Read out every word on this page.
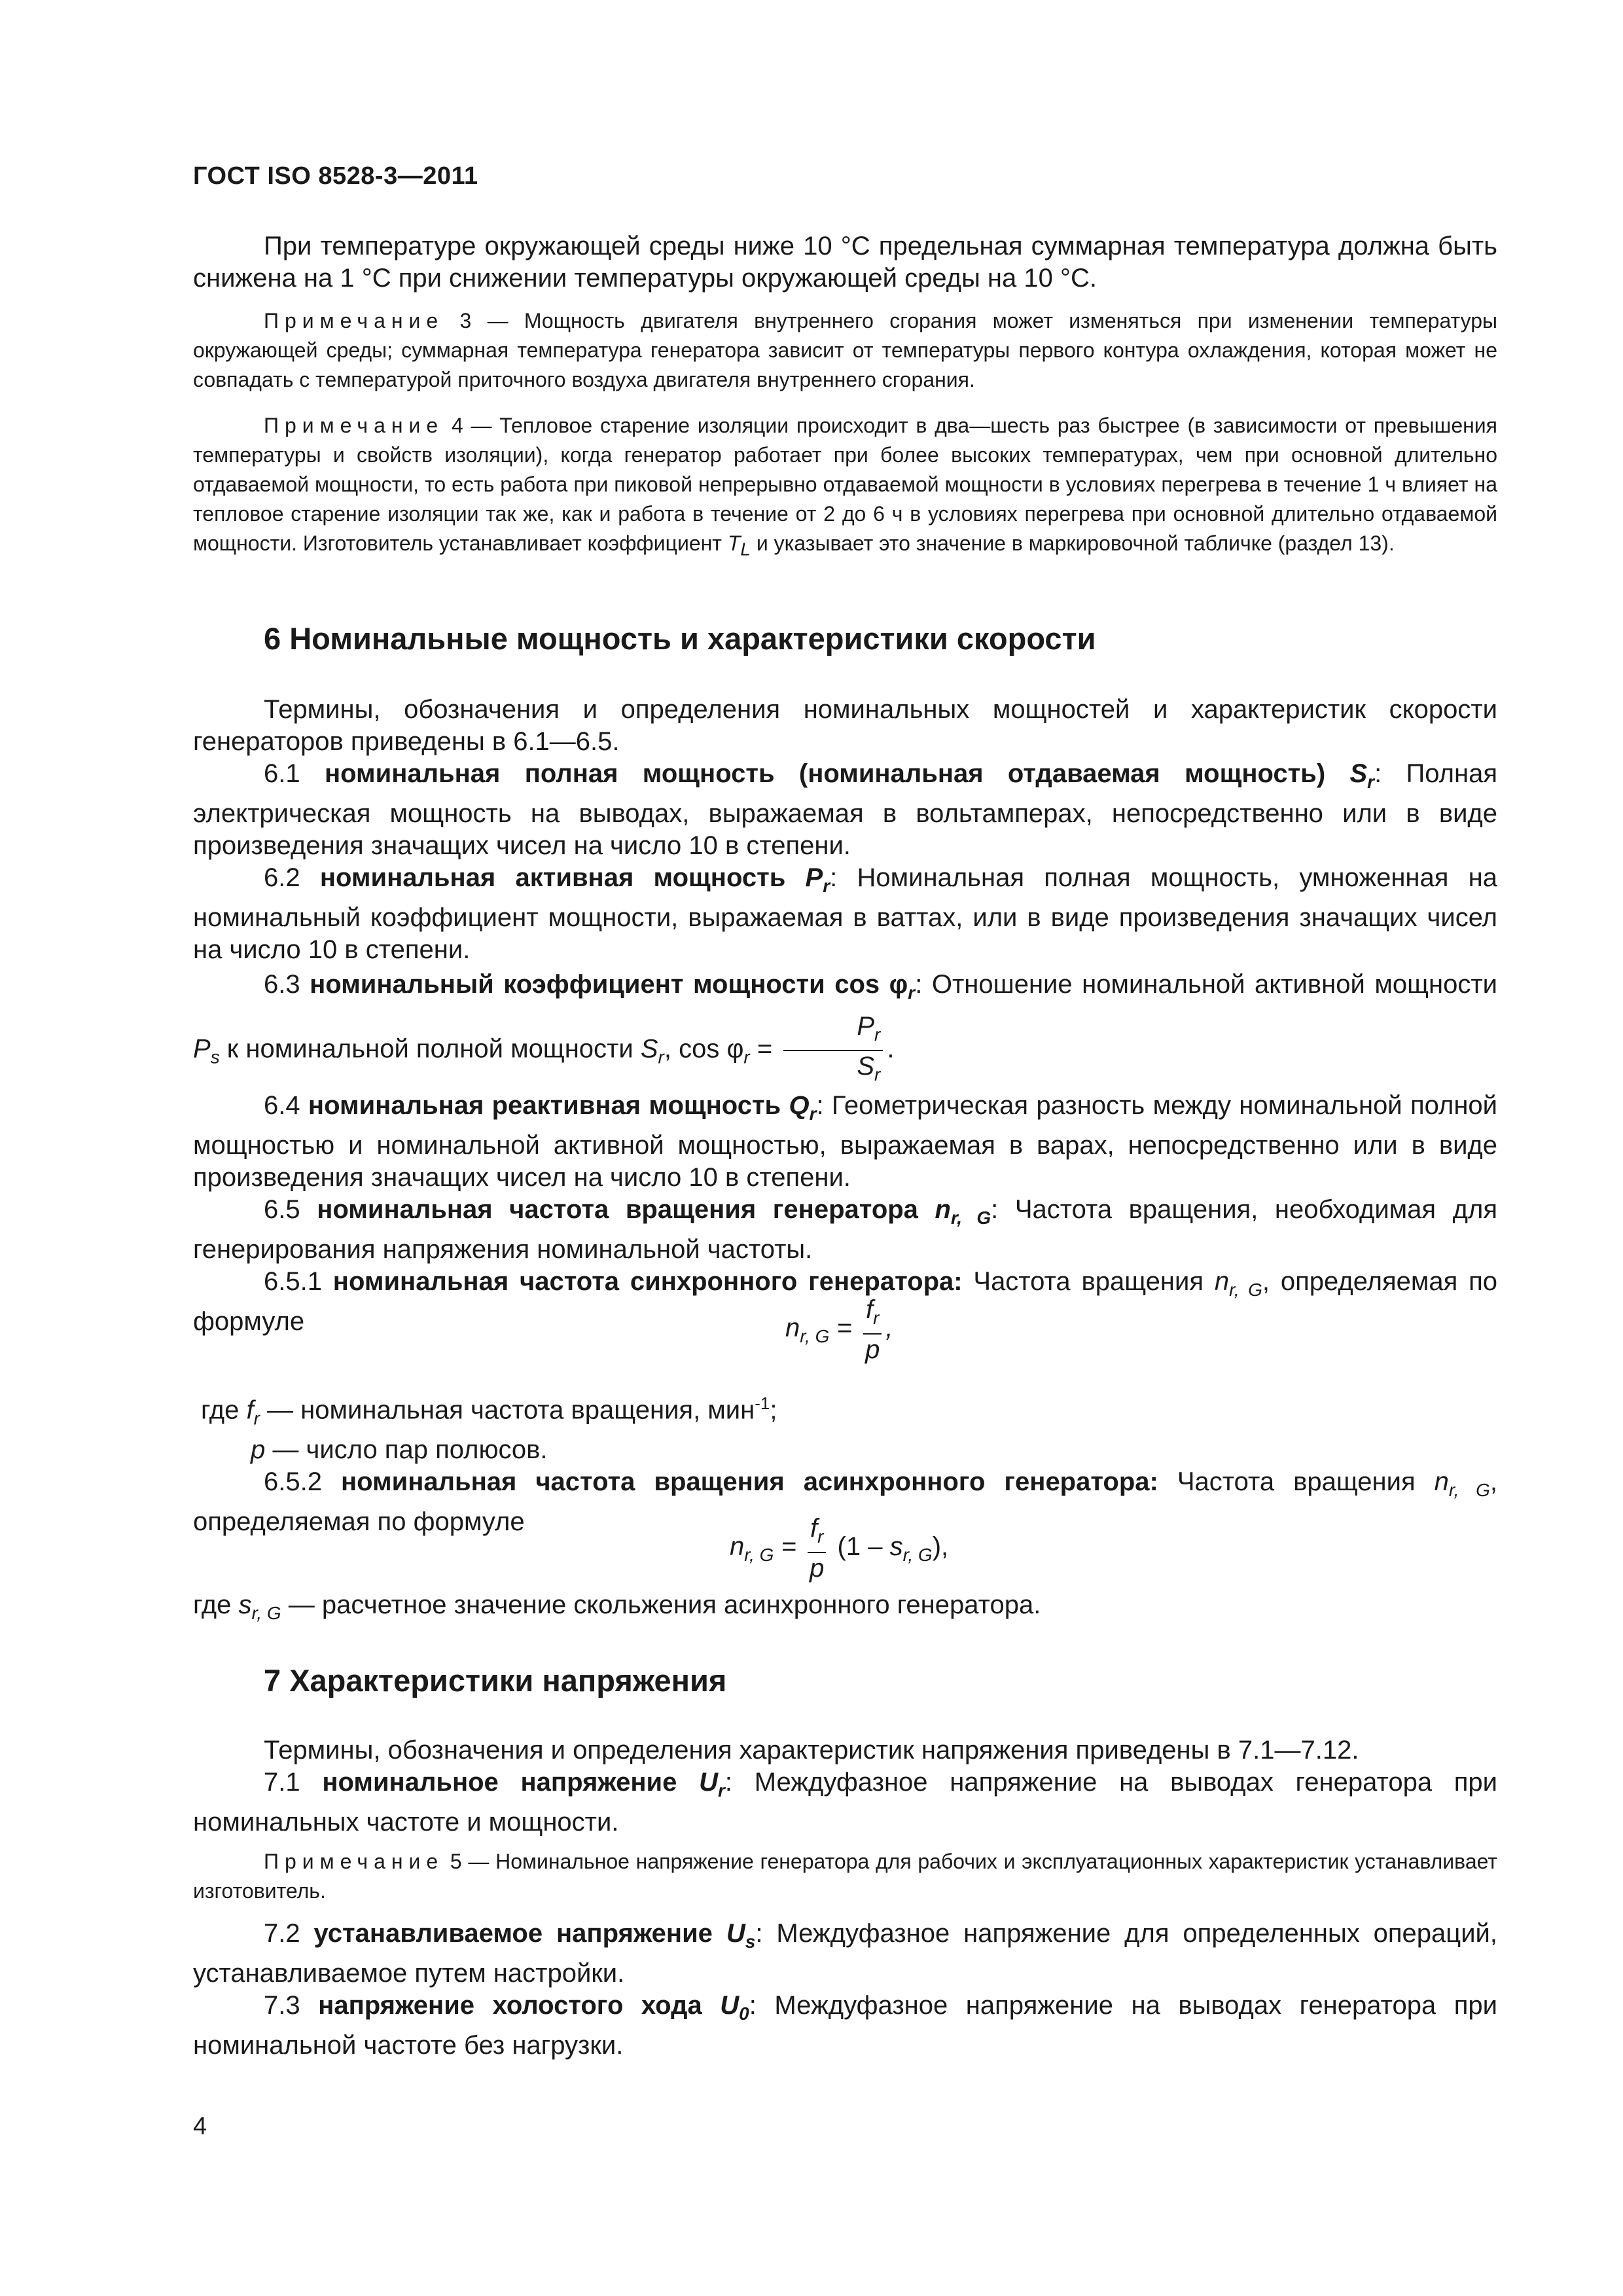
ГОСТ ISO 8528-3—2011

При температуре окружающей среды ниже 10 °С предельная суммарная температура должна быть снижена на 1 °С при снижении температуры окружающей среды на 10 °С.

Примечание 3 — Мощность двигателя внутреннего сгорания может изменяться при изменении температуры окружающей среды; суммарная температура генератора зависит от температуры первого контура охлаждения, которая может не совпадать с температурой приточного воздуха двигателя внутреннего сгорания.

Примечание 4 — Тепловое старение изоляции происходит в два—шесть раз быстрее (в зависимости от превышения температуры и свойств изоляции), когда генератор работает при более высоких температурах, чем при основной длительно отдаваемой мощности, то есть работа при пиковой непрерывно отдаваемой мощности в условиях перегрева в течение 1 ч влияет на тепловое старение изоляции так же, как и работа в течение от 2 до 6 ч в условиях перегрева при основной длительно отдаваемой мощности. Изготовитель устанавливает коэффициент $T_L$ и указывает это значение в маркировочной табличке (раздел 13).

6 Номинальные мощность и характеристики скорости

Термины, обозначения и определения номинальных мощностей и характеристик скорости генераторов приведены в 6.1—6.5.

6.1 номинальная полная мощность (номинальная отдаваемая мощность) $S_r$: Полная электрическая мощность на выводах, выражаемая в вольтамперах, непосредственно или в виде произведения значащих чисел на число 10 в степени.

6.2 номинальная активная мощность $P_r$: Номинальная полная мощность, умноженная на номинальный коэффициент мощности, выражаемая в ваттах, или в виде произведения значащих чисел на число 10 в степени.

6.3 номинальный коэффициент мощности $\cos \varphi_r$: Отношение номинальной активной мощности $P_s$ к номинальной полной мощности $S_r$, $\cos \varphi_r = \frac{P_r}{S_r}$ .

6.4 номинальная реактивная мощность $Q_r$: Геометрическая разность между номинальной полной мощностью и номинальной активной мощностью, выражаемая в варах, непосредственно или в виде произведения значащих чисел на число 10 в степени.

6.5 номинальная частота вращения генератора $n_{r, G}$: Частота вращения, необходимая для генерирования напряжения номинальной частоты.

6.5.1 номинальная частота синхронного генератора: Частота вращения $n_{r, G}$, определяемая по формуле	$n_{r, G} = \frac{f_r}{p}$ ,

где $f_r$ — номинальная частота вращения, мин$^{-1}$;

p — число пар полюсов.

6.5.2 номинальная частота вращения асинхронного генератора: Частота вращения $n_{r, G}$, определяемая по формуле

$n_{r, G} = \frac{f_r}{p} (1 - s_{r, G})$,

где $s_{r, G}$ — расчетное значение скольжения асинхронного генератора.

7 Характеристики напряжения

Термины, обозначения и определения характеристик напряжения приведены в 7.1—7.12.

7.1 номинальное напряжение $U_r$: Междуфазное напряжение на выводах генератора при номинальных частоте и мощности.

Примечание 5 — Номинальное напряжение генератора для рабочих и эксплуатационных характеристик устанавливает изготовитель.

7.2 устанавливаемое напряжение $U_s$: Междуфазное напряжение для определенных операций, устанавливаемое путем настройки.

7.3 напряжение холостого хода $U_0$: Междуфазное напряжение на выводах генератора при номинальной частоте без нагрузки.

4
